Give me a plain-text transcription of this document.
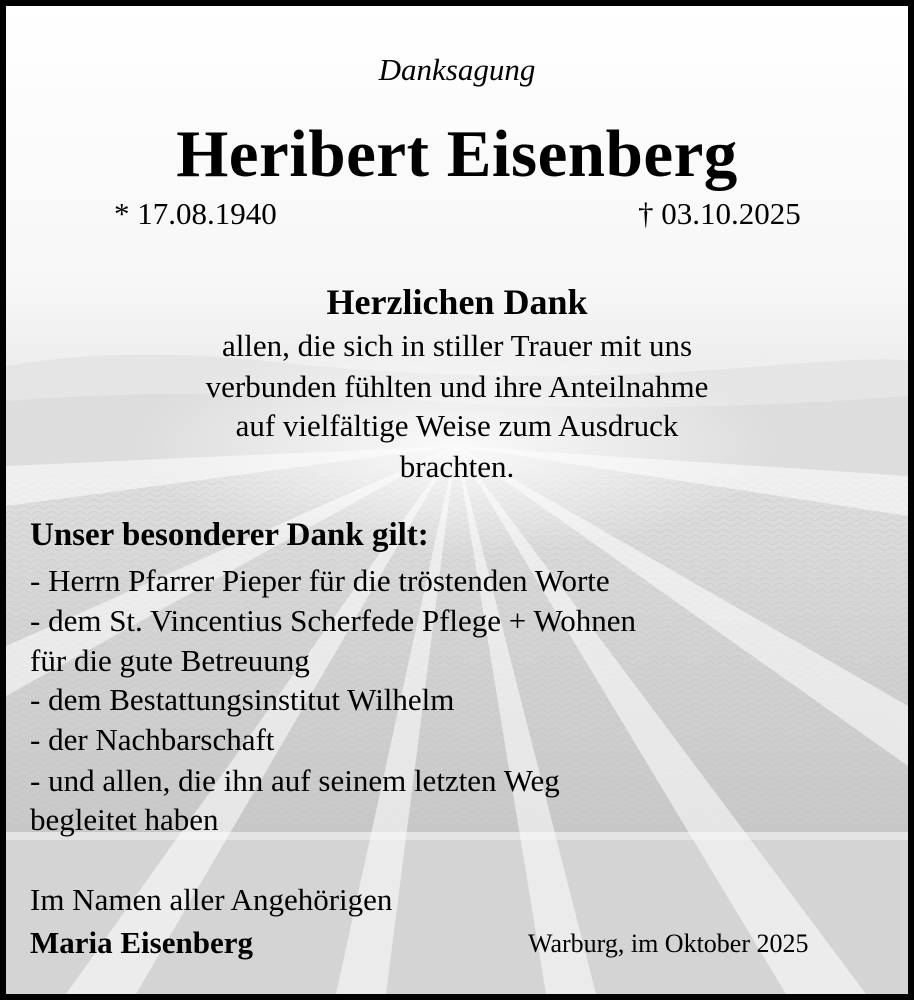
Danksagung

Heribert Eisenberg

* 17.08.1940	† 03.10.2025

Herzlichen Dank

allen, die sich in stiller Trauer mit uns

verbunden fühlten und ihre Anteilnahme

auf vielfältige Weise zum Ausdruck

brachten.

Unser besonderer Dank gilt:

- Herrn Pfarrer Pieper für die tröstenden Worte
- dem St. Vincentius Scherfede Pflege + Wohnen
für die gute Betreuung
- dem Bestattungsinstitut Wilhelm
- der Nachbarschaft
- und allen, die ihn auf seinem letzten Weg
begleitet haben

Im Namen aller Angehörigen

Maria Eisenberg	Warburg, im Oktober 2025
